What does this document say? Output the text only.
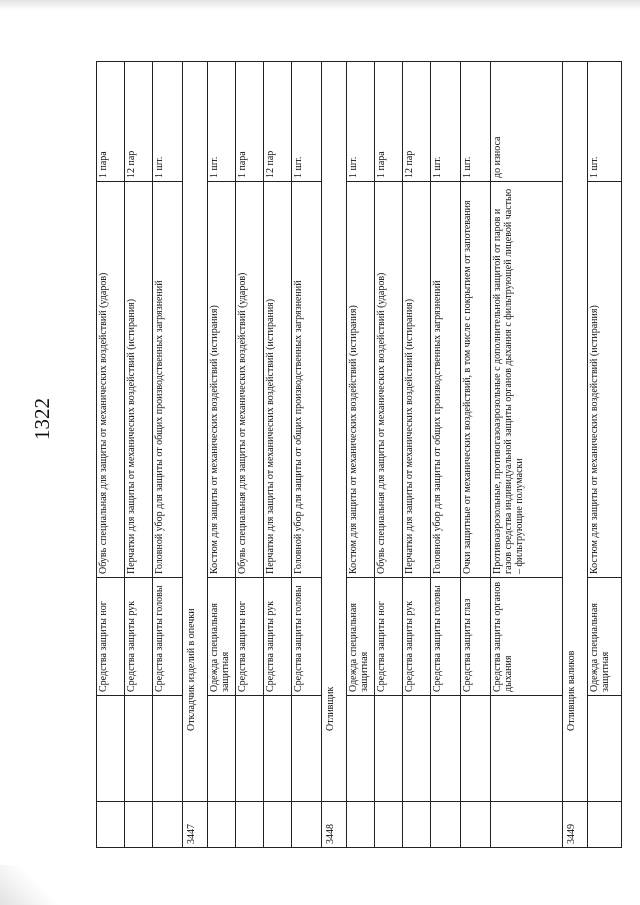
1322
		Средства защиты ног	Обувь специальная для защиты от механических воздействий (ударов)	1 пара
		Средства защиты рук	Перчатки для защиты от механических воздействий (истирания)	12 пар
		Средства защиты головы	Головной убор для защиты от общих производственных загрязнений	1 шт.
3447	Откладчик изделий в опечки			
		Одежда специальная защитная	Костюм для защиты от механических воздействий (истирания)	1 шт.
		Средства защиты ног	Обувь специальная для защиты от механических воздействий (ударов)	1 пара
		Средства защиты рук	Перчатки для защиты от механических воздействий (истирания)	12 пар
		Средства защиты головы	Головной убор для защиты от общих производственных загрязнений	1 шт.
3448	Отливщик			
		Одежда специальная защитная	Костюм для защиты от механических воздействий (истирания)	1 шт.
		Средства защиты ног	Обувь специальная для защиты от механических воздействий (ударов)	1 пара
		Средства защиты рук	Перчатки для защиты от механических воздействий (истирания)	12 пар
		Средства защиты головы	Головной убор для защиты от общих производственных загрязнений	1 шт.
		Средства защиты глаз	Очки защитные от механических воздействий, в том числе с покрытием от запотевания	1 шт.
		Средства защиты органов дыхания	Противоаэрозольные, противогазоаэрозольные с дополнительной защитой от паров и газов средства индивидуальной защиты органов дыхания с фильтрующей лицевой частью – фильтрующие полумаски	до износа
3449	Отливщик валиков			
		Одежда специальная защитная	Костюм для защиты от механических воздействий (истирания)	1 шт.
